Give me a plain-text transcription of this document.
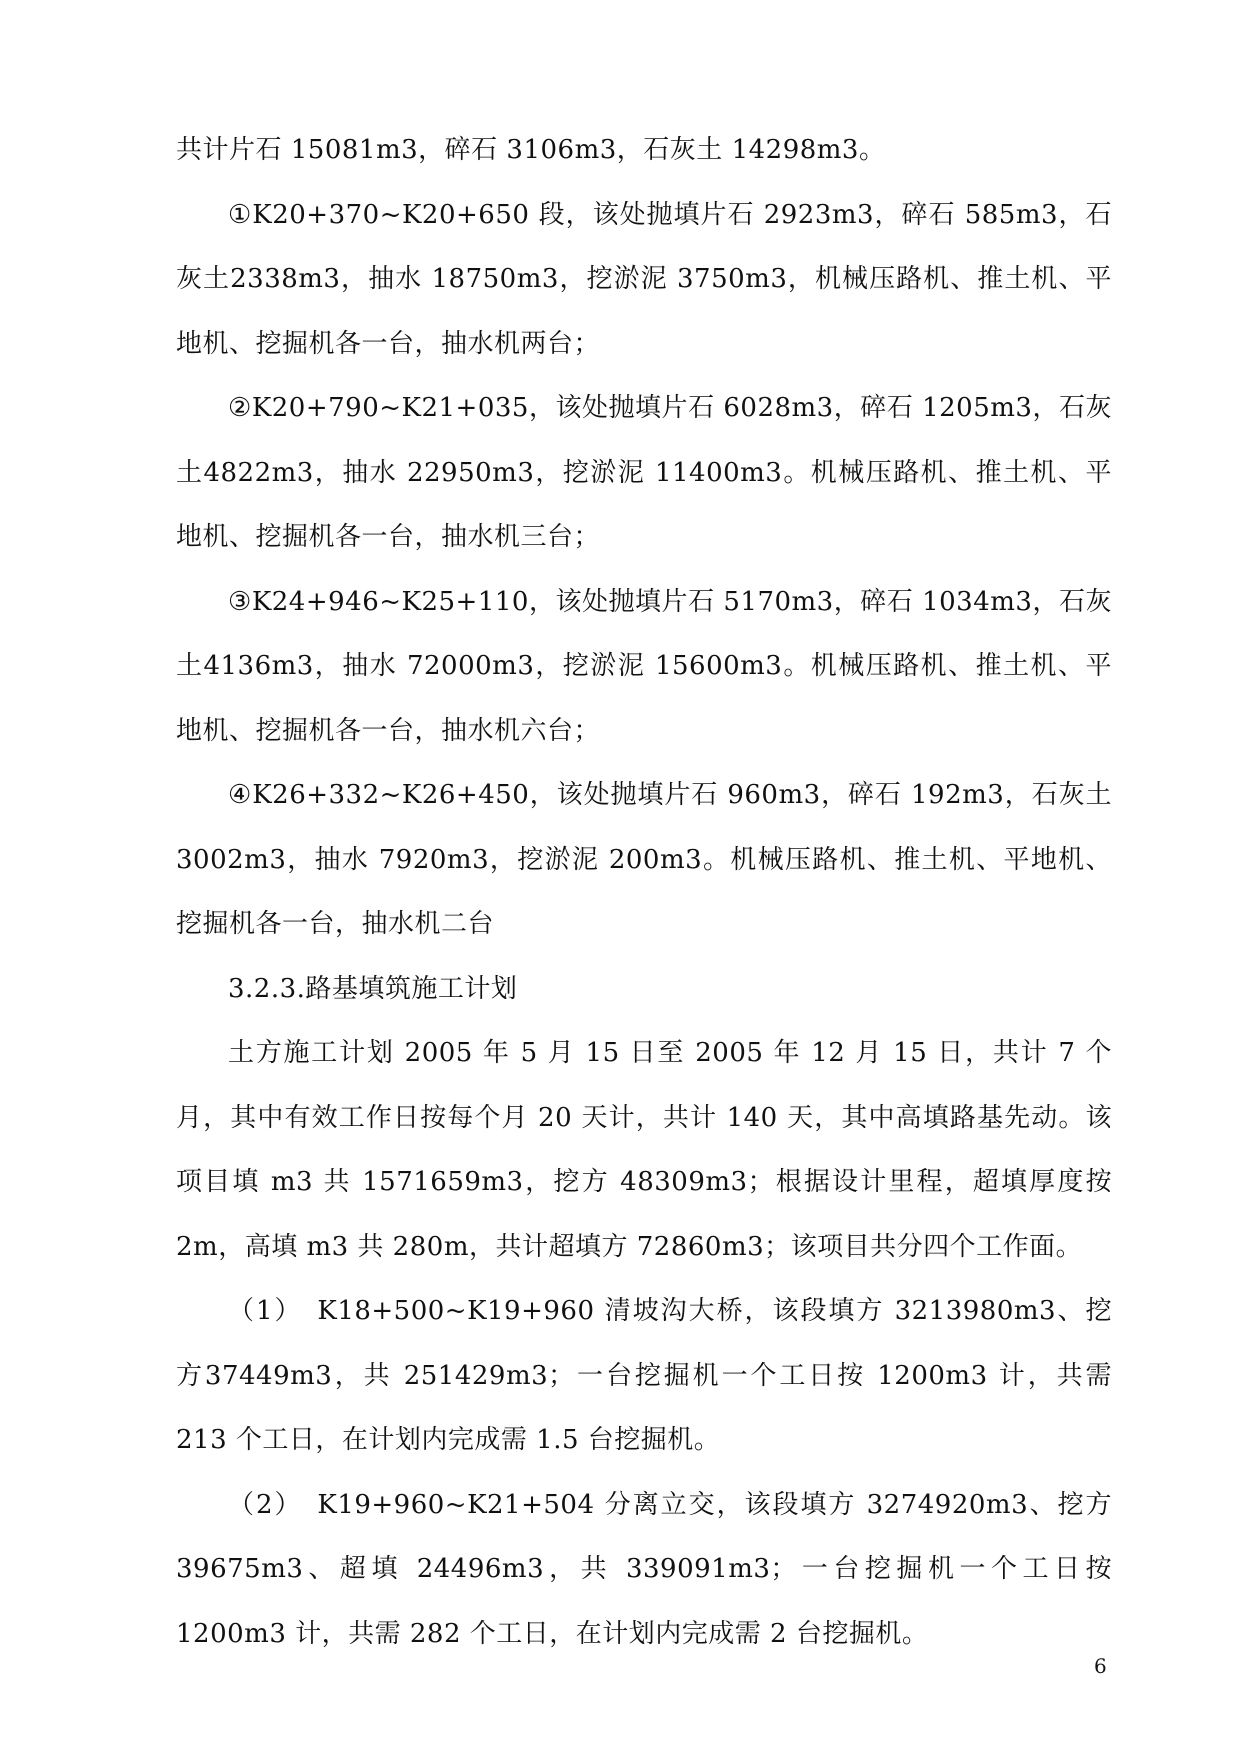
共计片石 15081m3，碎石 3106m3，石灰土 14298m3。

①K20+370~K20+650 段，该处抛填片石 2923m3，碎石 585m3，石灰土2338m3，抽水 18750m3，挖淤泥 3750m3，机械压路机、推土机、平地机、挖掘机各一台，抽水机两台；

②K20+790~K21+035，该处抛填片石 6028m3，碎石 1205m3，石灰土4822m3，抽水 22950m3，挖淤泥 11400m3。机械压路机、推土机、平地机、挖掘机各一台，抽水机三台；

③K24+946~K25+110，该处抛填片石 5170m3，碎石 1034m3，石灰土4136m3，抽水 72000m3，挖淤泥 15600m3。机械压路机、推土机、平地机、挖掘机各一台，抽水机六台；

④K26+332~K26+450，该处抛填片石 960m3，碎石 192m3，石灰土3002m3，抽水 7920m3，挖淤泥 200m3。机械压路机、推土机、平地机、挖掘机各一台，抽水机二台

3.2.3.路基填筑施工计划

土方施工计划 2005 年 5 月 15 日至 2005 年 12 月 15 日，共计 7 个月，其中有效工作日按每个月 20 天计，共计 140 天，其中高填路基先动。该项目填 m3 共 1571659m3，挖方 48309m3；根据设计里程，超填厚度按 2m，高填 m3 共 280m，共计超填方 72860m3；该项目共分四个工作面。

（1）　K18+500~K19+960 清坡沟大桥，该段填方 3213980m3、挖方37449m3，共 251429m3；一台挖掘机一个工日按 1200m3 计，共需 213 个工日，在计划内完成需 1.5 台挖掘机。

（2）　K19+960~K21+504 分离立交，该段填方 3274920m3、挖方39675m3、超填 24496m3，共 339091m3；一台挖掘机一个工日按 1200m3 计，共需 282 个工日，在计划内完成需 2 台挖掘机。

6
